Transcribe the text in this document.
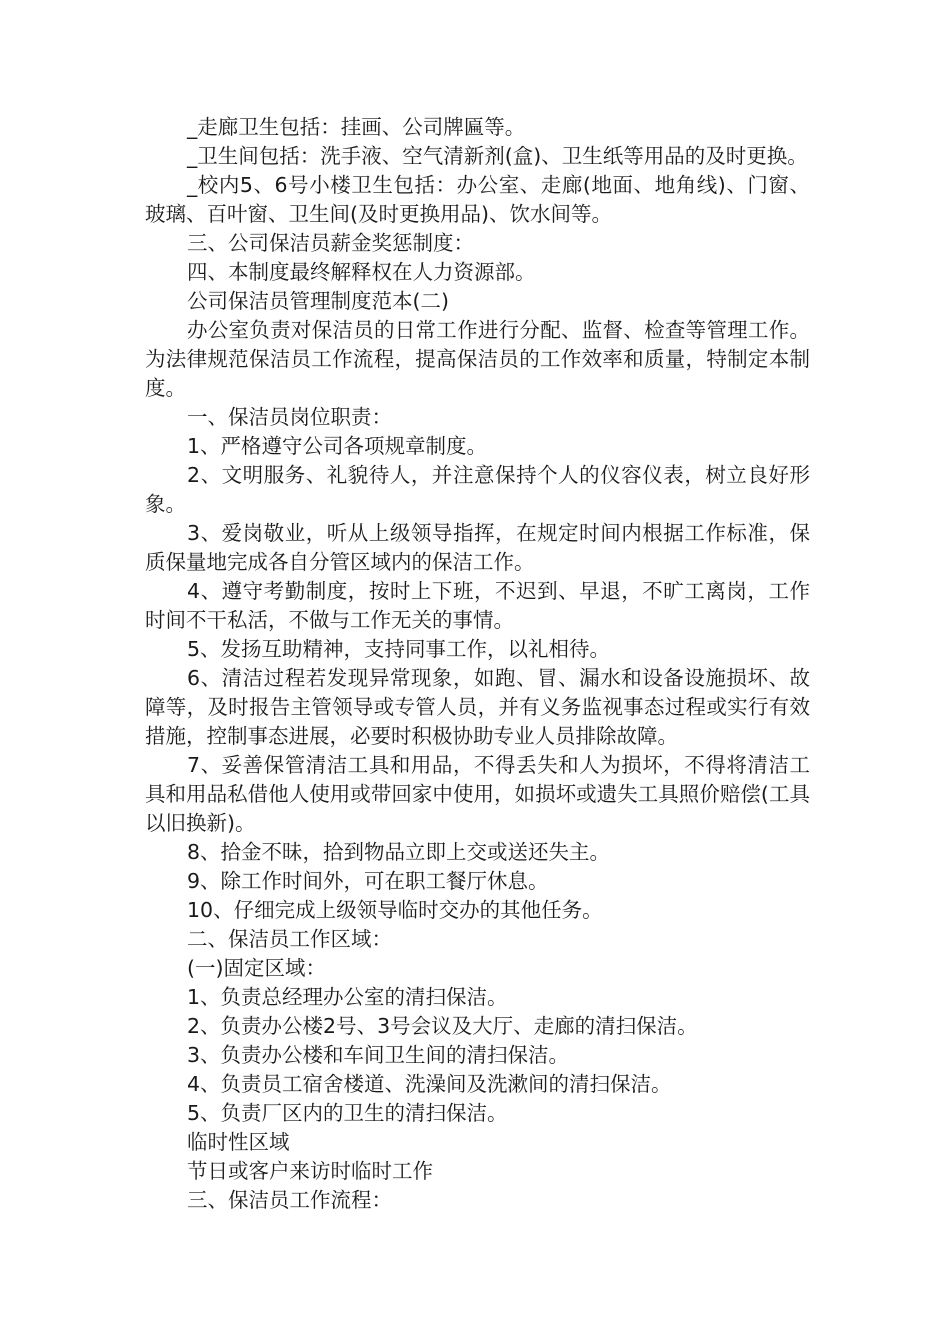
_走廊卫生包括：挂画、公司牌匾等。

_卫生间包括：洗手液、空气清新剂(盒)、卫生纸等用品的及时更换。

_校内5、6号小楼卫生包括：办公室、走廊(地面、地角线)、门窗、玻璃、百叶窗、卫生间(及时更换用品)、饮水间等。

三、公司保洁员薪金奖惩制度：

四、本制度最终解释权在人力资源部。

公司保洁员管理制度范本(二)

办公室负责对保洁员的日常工作进行分配、监督、检查等管理工作。为法律规范保洁员工作流程，提高保洁员的工作效率和质量，特制定本制度。

一、保洁员岗位职责：

1、严格遵守公司各项规章制度。

2、文明服务、礼貌待人，并注意保持个人的仪容仪表，树立良好形象。

3、爱岗敬业，听从上级领导指挥，在规定时间内根据工作标准，保质保量地完成各自分管区域内的保洁工作。

4、遵守考勤制度，按时上下班，不迟到、早退，不旷工离岗，工作时间不干私活，不做与工作无关的事情。

5、发扬互助精神，支持同事工作，以礼相待。

6、清洁过程若发现异常现象，如跑、冒、漏水和设备设施损坏、故障等，及时报告主管领导或专管人员，并有义务监视事态过程或实行有效措施，控制事态进展，必要时积极协助专业人员排除故障。

7、妥善保管清洁工具和用品，不得丢失和人为损坏，不得将清洁工具和用品私借他人使用或带回家中使用，如损坏或遗失工具照价赔偿(工具以旧换新)。

8、拾金不昧，拾到物品立即上交或送还失主。

9、除工作时间外，可在职工餐厅休息。

10、仔细完成上级领导临时交办的其他任务。

二、保洁员工作区域：

(一)固定区域：

1、负责总经理办公室的清扫保洁。

2、负责办公楼2号、3号会议及大厅、走廊的清扫保洁。

3、负责办公楼和车间卫生间的清扫保洁。

4、负责员工宿舍楼道、洗澡间及洗漱间的清扫保洁。

5、负责厂区内的卫生的清扫保洁。

临时性区域

节日或客户来访时临时工作

三、保洁员工作流程：
